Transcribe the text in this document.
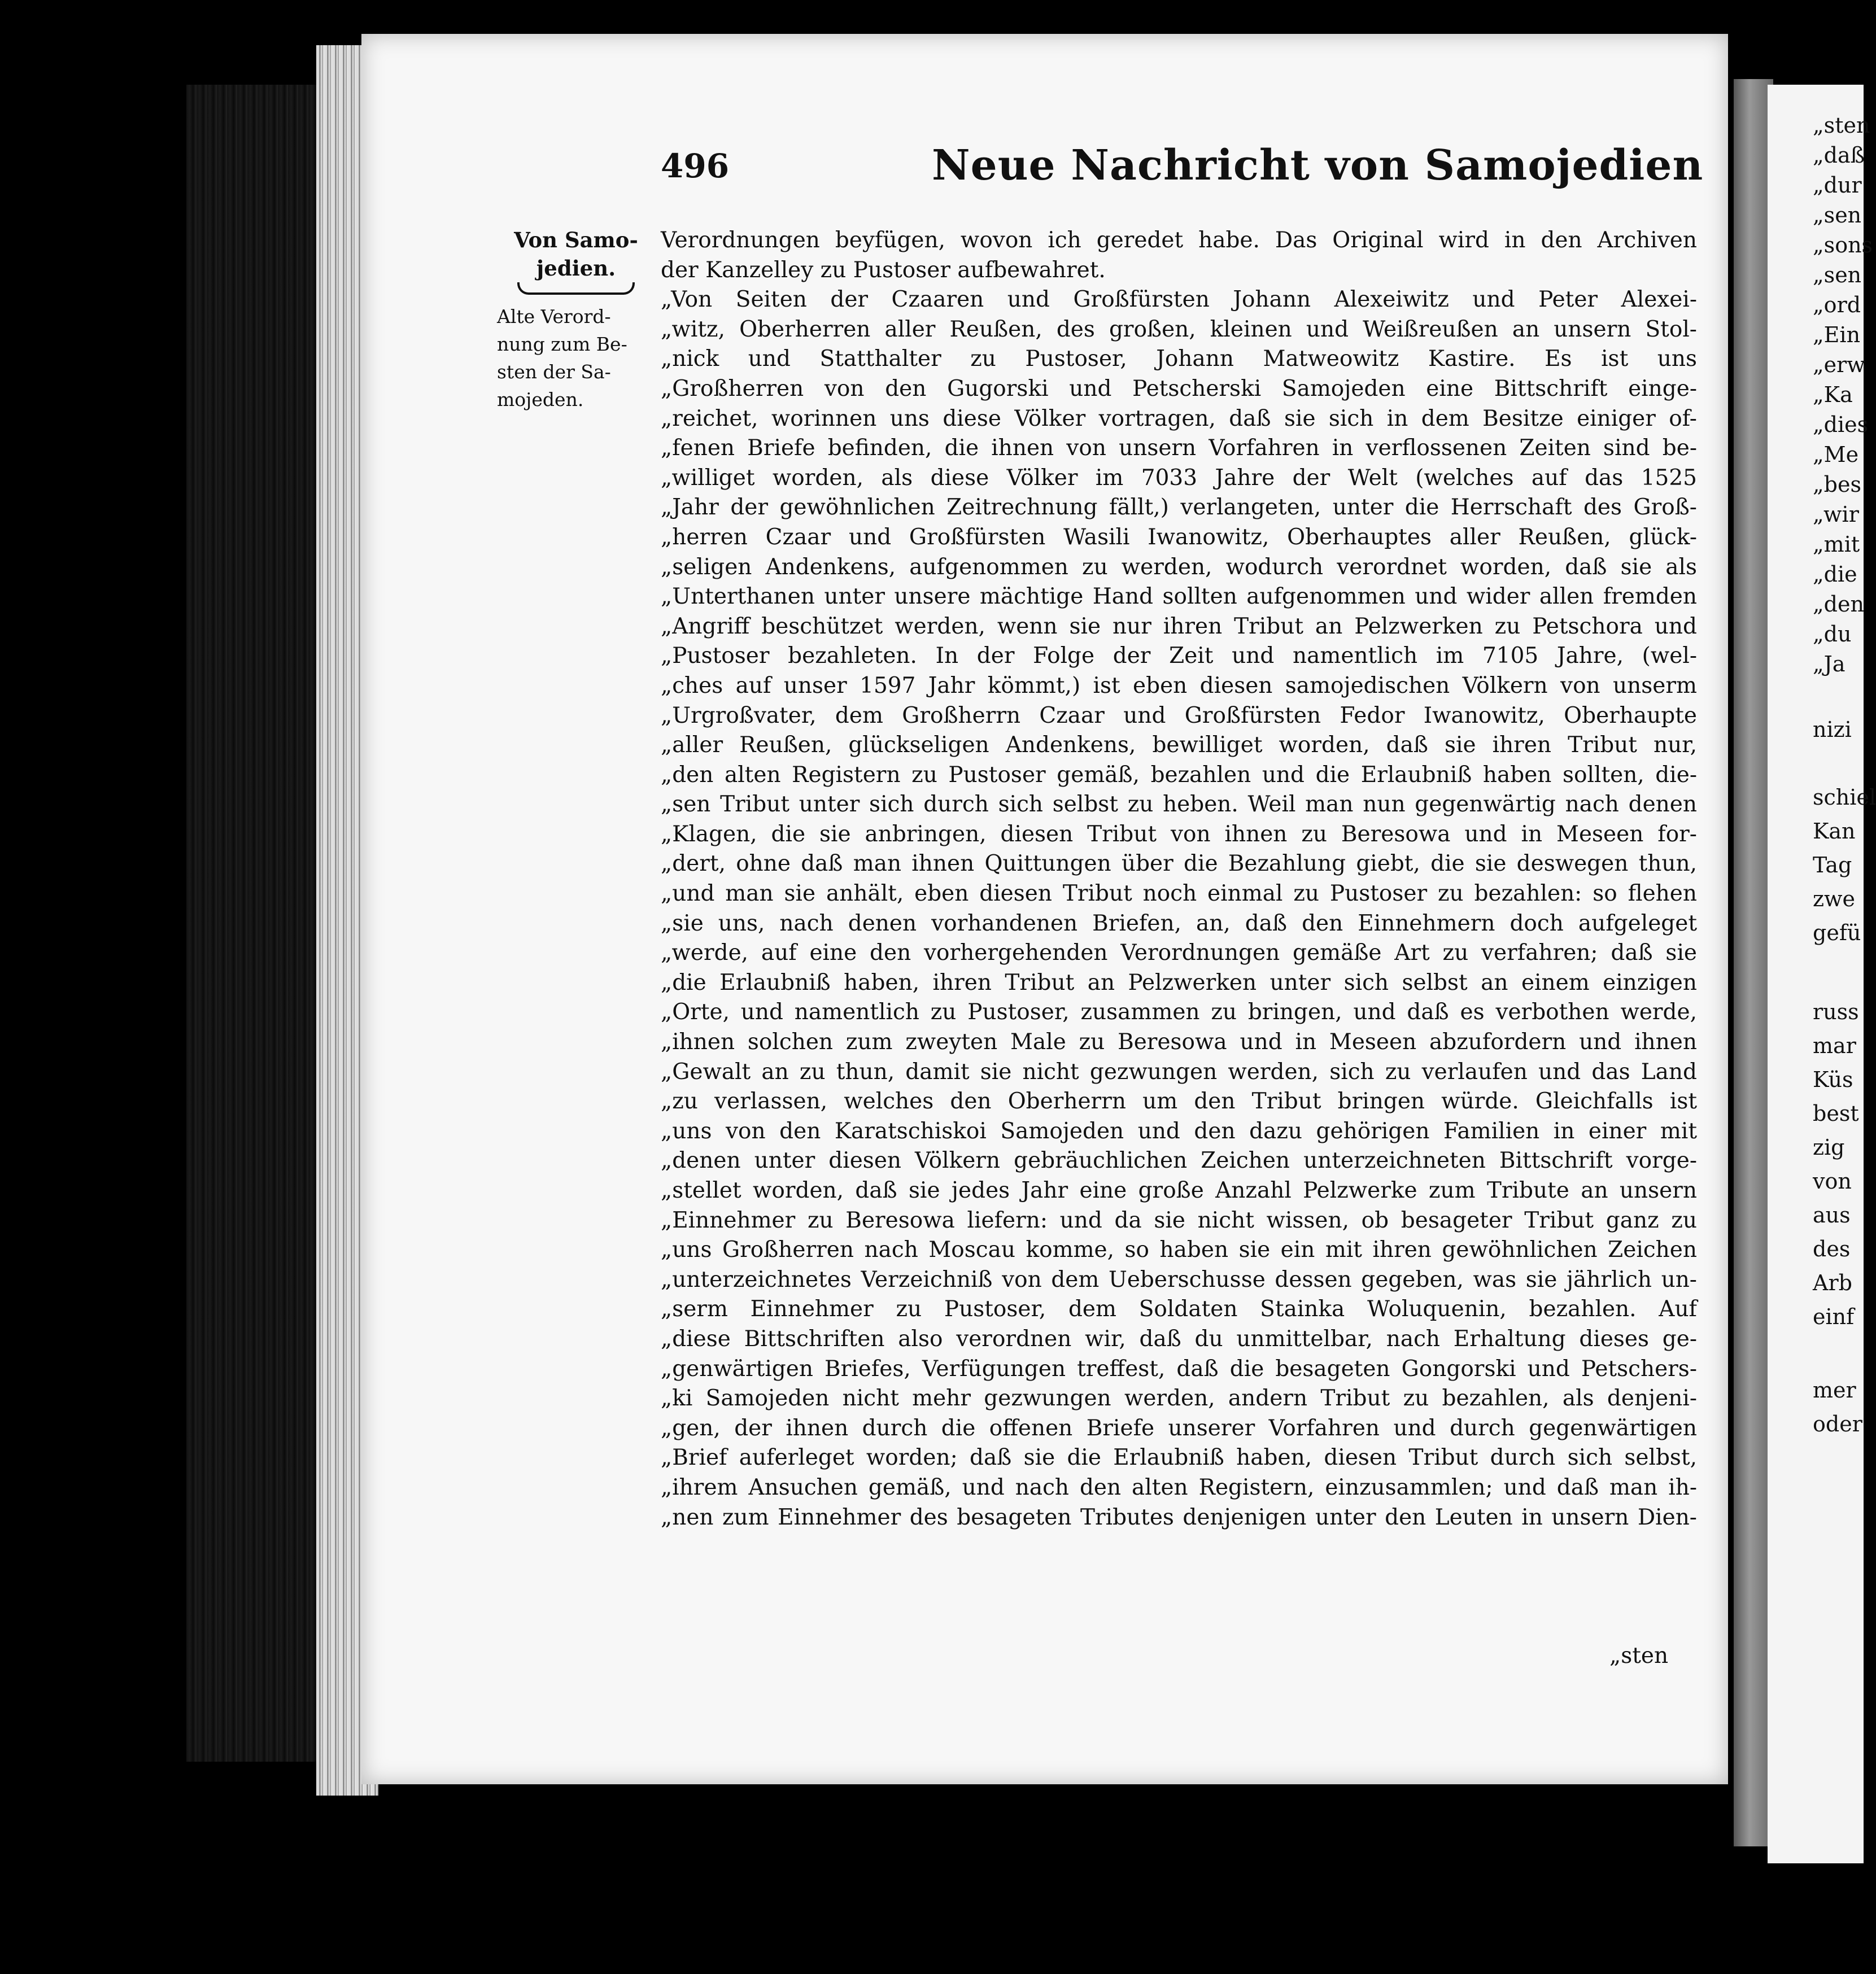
„sten
„daß
„dur
„sen
„sons
„sen
„ord
„Ein
„erw
„Ka
„dies
„Me
„bes
„wir
„mit
„die
„den
„du
„Ja
nizi
schiel
Kan
Tag
zwe
gefü
russ
mar
Küs
best
zig
von
aus
des
Arb
einf
mer
oder
496	Neue Nachricht von Samojedien
Von Samo-
jedien.
Alte Verord-
nung zum Be-
sten der Sa-
mojeden.
Verordnungen beyfügen, wovon ich geredet habe. Das Original wird in den Archiven
der Kanzelley zu Pustoser aufbewahret.
„Von Seiten der Czaaren und Großfürsten Johann Alexeiwitz und Peter Alexei-
„witz, Oberherren aller Reußen, des großen, kleinen und Weißreußen an unsern Stol-
„nick und Statthalter zu Pustoser, Johann Matweowitz Kastire. Es ist uns
„Großherren von den Gugorski und Petscherski Samojeden eine Bittschrift einge-
„reichet, worinnen uns diese Völker vortragen, daß sie sich in dem Besitze einiger of-
„fenen Briefe befinden, die ihnen von unsern Vorfahren in verflossenen Zeiten sind be-
„williget worden, als diese Völker im 7033 Jahre der Welt (welches auf das 1525
„Jahr der gewöhnlichen Zeitrechnung fällt,) verlangeten, unter die Herrschaft des Groß-
„herren Czaar und Großfürsten Wasili Iwanowitz, Oberhauptes aller Reußen, glück-
„seligen Andenkens, aufgenommen zu werden, wodurch verordnet worden, daß sie als
„Unterthanen unter unsere mächtige Hand sollten aufgenommen und wider allen fremden
„Angriff beschützet werden, wenn sie nur ihren Tribut an Pelzwerken zu Petschora und
„Pustoser bezahleten. In der Folge der Zeit und namentlich im 7105 Jahre, (wel-
„ches auf unser 1597 Jahr kömmt,) ist eben diesen samojedischen Völkern von unserm
„Urgroßvater, dem Großherrn Czaar und Großfürsten Fedor Iwanowitz, Oberhaupte
„aller Reußen, glückseligen Andenkens, bewilliget worden, daß sie ihren Tribut nur,
„den alten Registern zu Pustoser gemäß, bezahlen und die Erlaubniß haben sollten, die-
„sen Tribut unter sich durch sich selbst zu heben. Weil man nun gegenwärtig nach denen
„Klagen, die sie anbringen, diesen Tribut von ihnen zu Beresowa und in Meseen for-
„dert, ohne daß man ihnen Quittungen über die Bezahlung giebt, die sie deswegen thun,
„und man sie anhält, eben diesen Tribut noch einmal zu Pustoser zu bezahlen: so flehen
„sie uns, nach denen vorhandenen Briefen, an, daß den Einnehmern doch aufgeleget
„werde, auf eine den vorhergehenden Verordnungen gemäße Art zu verfahren; daß sie
„die Erlaubniß haben, ihren Tribut an Pelzwerken unter sich selbst an einem einzigen
„Orte, und namentlich zu Pustoser, zusammen zu bringen, und daß es verbothen werde,
„ihnen solchen zum zweyten Male zu Beresowa und in Meseen abzufordern und ihnen
„Gewalt an zu thun, damit sie nicht gezwungen werden, sich zu verlaufen und das Land
„zu verlassen, welches den Oberherrn um den Tribut bringen würde. Gleichfalls ist
„uns von den Karatschiskoi Samojeden und den dazu gehörigen Familien in einer mit
„denen unter diesen Völkern gebräuchlichen Zeichen unterzeichneten Bittschrift vorge-
„stellet worden, daß sie jedes Jahr eine große Anzahl Pelzwerke zum Tribute an unsern
„Einnehmer zu Beresowa liefern: und da sie nicht wissen, ob besageter Tribut ganz zu
„uns Großherren nach Moscau komme, so haben sie ein mit ihren gewöhnlichen Zeichen
„unterzeichnetes Verzeichniß von dem Ueberschusse dessen gegeben, was sie jährlich un-
„serm Einnehmer zu Pustoser, dem Soldaten Stainka Woluquenin, bezahlen. Auf
„diese Bittschriften also verordnen wir, daß du unmittelbar, nach Erhaltung dieses ge-
„genwärtigen Briefes, Verfügungen treffest, daß die besageten Gongorski und Petschers-
„ki Samojeden nicht mehr gezwungen werden, andern Tribut zu bezahlen, als denjeni-
„gen, der ihnen durch die offenen Briefe unserer Vorfahren und durch gegenwärtigen
„Brief auferleget worden; daß sie die Erlaubniß haben, diesen Tribut durch sich selbst,
„ihrem Ansuchen gemäß, und nach den alten Registern, einzusammlen; und daß man ih-
„nen zum Einnehmer des besageten Tributes denjenigen unter den Leuten in unsern Dien-
„sten
